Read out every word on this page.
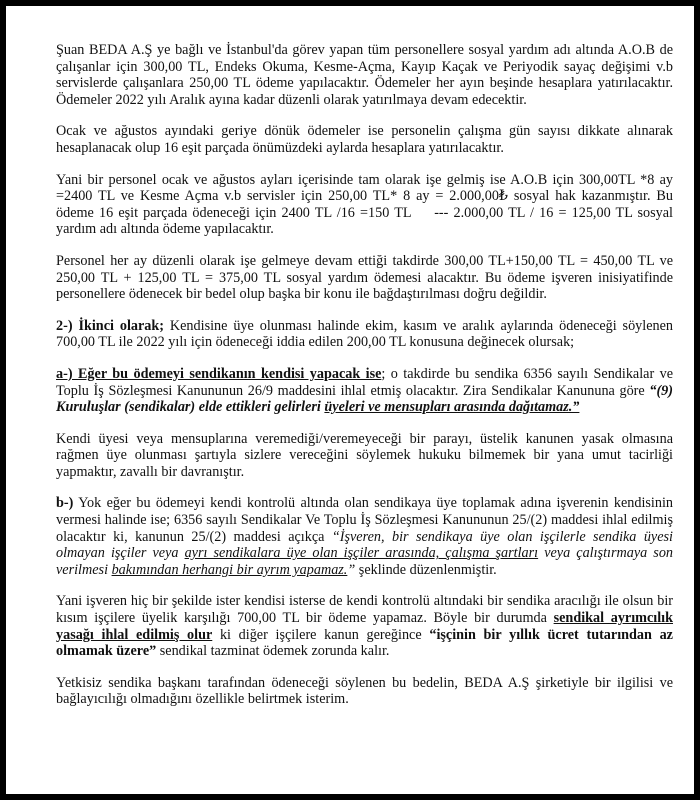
Şuan BEDA A.Ş ye bağlı ve İstanbul'da görev yapan tüm personellere sosyal yardım adı altında A.O.B de çalışanlar için 300,00 TL, Endeks Okuma, Kesme-Açma, Kayıp Kaçak ve Periyodik sayaç değişimi v.b servislerde çalışanlara 250,00 TL ödeme yapılacaktır. Ödemeler her ayın beşinde hesaplara yatırılacaktır. Ödemeler 2022 yılı Aralık ayına kadar düzenli olarak yatırılmaya devam edecektir.

Ocak ve ağustos ayındaki geriye dönük ödemeler ise personelin çalışma gün sayısı dikkate alınarak hesaplanacak olup 16 eşit parçada önümüzdeki aylarda hesaplara yatırılacaktır.

Yani bir personel ocak ve ağustos ayları içerisinde tam olarak işe gelmiş ise A.O.B için 300,00TL *8 ay =2400 TL ve Kesme Açma v.b servisler için 250,00 TL* 8 ay = 2.000,00₺ sosyal hak kazanmıştır. Bu ödeme 16 eşit parçada ödeneceği için 2400 TL /16 =150 TL --- 2.000,00 TL / 16 = 125,00 TL sosyal yardım adı altında ödeme yapılacaktır.

Personel her ay düzenli olarak işe gelmeye devam ettiği takdirde 300,00 TL+150,00 TL = 450,00 TL ve 250,00 TL + 125,00 TL = 375,00 TL sosyal yardım ödemesi alacaktır. Bu ödeme işveren inisiyatifinde personellere ödenecek bir bedel olup başka bir konu ile bağdaştırılması doğru değildir.

2-) İkinci olarak; Kendisine üye olunması halinde ekim, kasım ve aralık aylarında ödeneceği söylenen 700,00 TL ile 2022 yılı için ödeneceği iddia edilen 200,00 TL konusuna değinecek olursak;

a-) Eğer bu ödemeyi sendikanın kendisi yapacak ise; o takdirde bu sendika 6356 sayılı Sendikalar ve Toplu İş Sözleşmesi Kanununun 26/9 maddesini ihlal etmiş olacaktır. Zira Sendikalar Kanununa göre “(9) Kuruluşlar (sendikalar) elde ettikleri gelirleri üyeleri ve mensupları arasında dağıtamaz.”

Kendi üyesi veya mensuplarına veremediği/veremeyeceği bir parayı, üstelik kanunen yasak olmasına rağmen üye olunması şartıyla sizlere vereceğini söylemek hukuku bilmemek bir yana umut tacirliği yapmaktır, zavallı bir davranıştır.

b-) Yok eğer bu ödemeyi kendi kontrolü altında olan sendikaya üye toplamak adına işverenin kendisinin vermesi halinde ise; 6356 sayılı Sendikalar Ve Toplu İş Sözleşmesi Kanununun 25/(2) maddesi ihlal edilmiş olacaktır ki, kanunun 25/(2) maddesi açıkça “İşveren, bir sendikaya üye olan işçilerle sendika üyesi olmayan işçiler veya ayrı sendikalara üye olan işçiler arasında, çalışma şartları veya çalıştırmaya son verilmesi bakımından herhangi bir ayrım yapamaz.” şeklinde düzenlenmiştir.

Yani işveren hiç bir şekilde ister kendisi isterse de kendi kontrolü altındaki bir sendika aracılığı ile olsun bir kısım işçilere üyelik karşılığı 700,00 TL bir ödeme yapamaz. Böyle bir durumda sendikal ayrımcılık yasağı ihlal edilmiş olur ki diğer işçilere kanun gereğince “işçinin bir yıllık ücret tutarından az olmamak üzere” sendikal tazminat ödemek zorunda kalır.

Yetkisiz sendika başkanı tarafından ödeneceği söylenen bu bedelin, BEDA A.Ş şirketiyle bir ilgilisi ve bağlayıcılığı olmadığını özellikle belirtmek isterim.
